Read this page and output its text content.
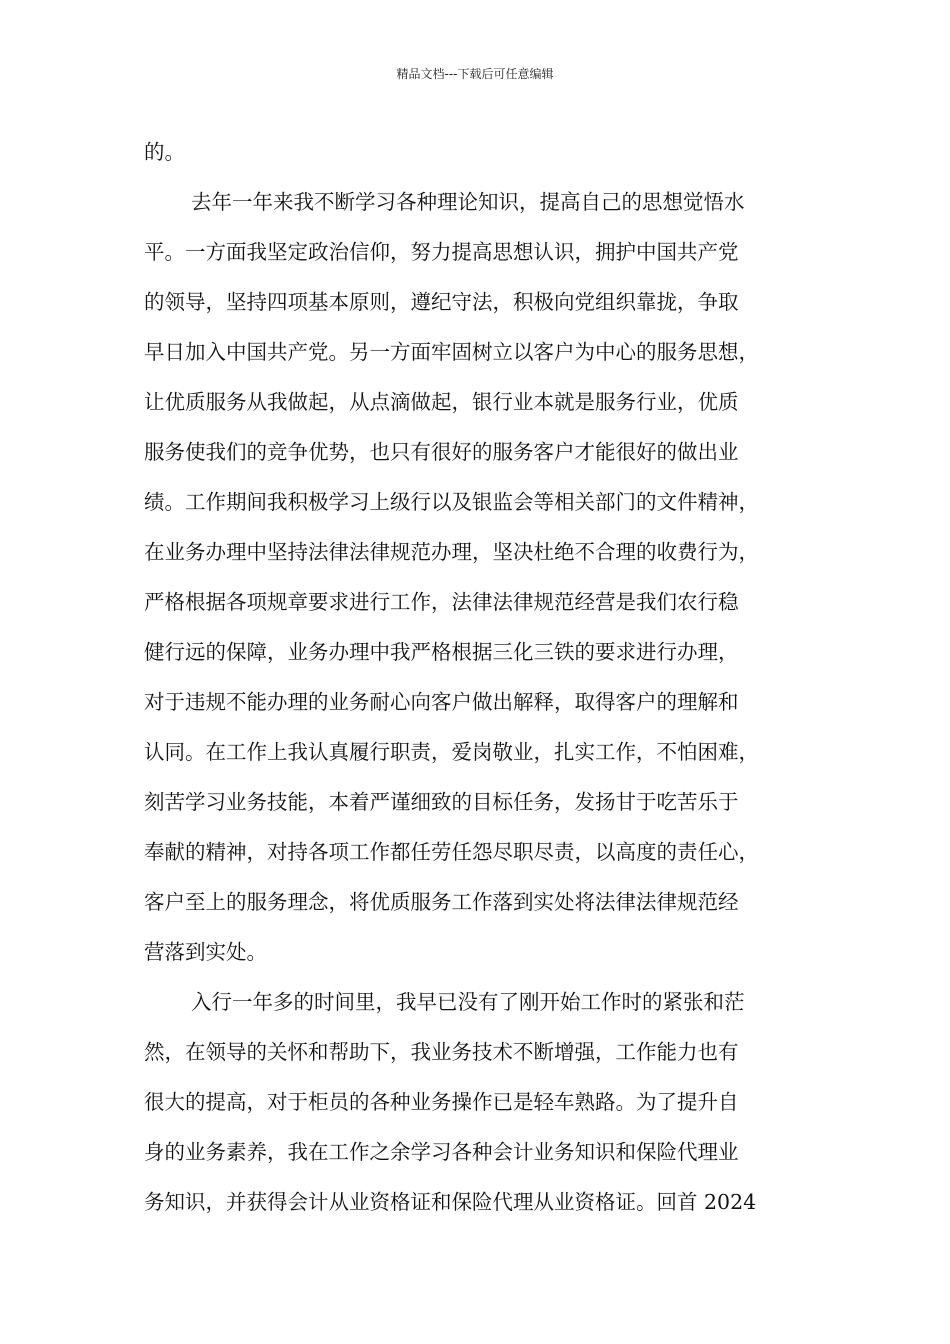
精品文档---下载后可任意编辑
的。
去年一年来我不断学习各种理论知识，提高自己的思想觉悟水
平。一方面我坚定政治信仰，努力提高思想认识，拥护中国共产党
的领导，坚持四项基本原则，遵纪守法，积极向党组织靠拢，争取
早日加入中国共产党。另一方面牢固树立以客户为中心的服务思想，
让优质服务从我做起，从点滴做起，银行业本就是服务行业，优质
服务使我们的竞争优势，也只有很好的服务客户才能很好的做出业
绩。工作期间我积极学习上级行以及银监会等相关部门的文件精神，
在业务办理中坚持法律法律规范办理，坚决杜绝不合理的收费行为，
严格根据各项规章要求进行工作，法律法律规范经营是我们农行稳
健行远的保障，业务办理中我严格根据三化三铁的要求进行办理，
对于违规不能办理的业务耐心向客户做出解释，取得客户的理解和
认同。在工作上我认真履行职责，爱岗敬业，扎实工作，不怕困难，
刻苦学习业务技能，本着严谨细致的目标任务，发扬甘于吃苦乐于
奉献的精神，对持各项工作都任劳任怨尽职尽责，以高度的责任心，
客户至上的服务理念，将优质服务工作落到实处将法律法律规范经
营落到实处。
入行一年多的时间里，我早已没有了刚开始工作时的紧张和茫
然，在领导的关怀和帮助下，我业务技术不断增强，工作能力也有
很大的提高，对于柜员的各种业务操作已是轻车熟路。为了提升自
身的业务素养，我在工作之余学习各种会计业务知识和保险代理业
务知识，并获得会计从业资格证和保险代理从业资格证。回首 2024
